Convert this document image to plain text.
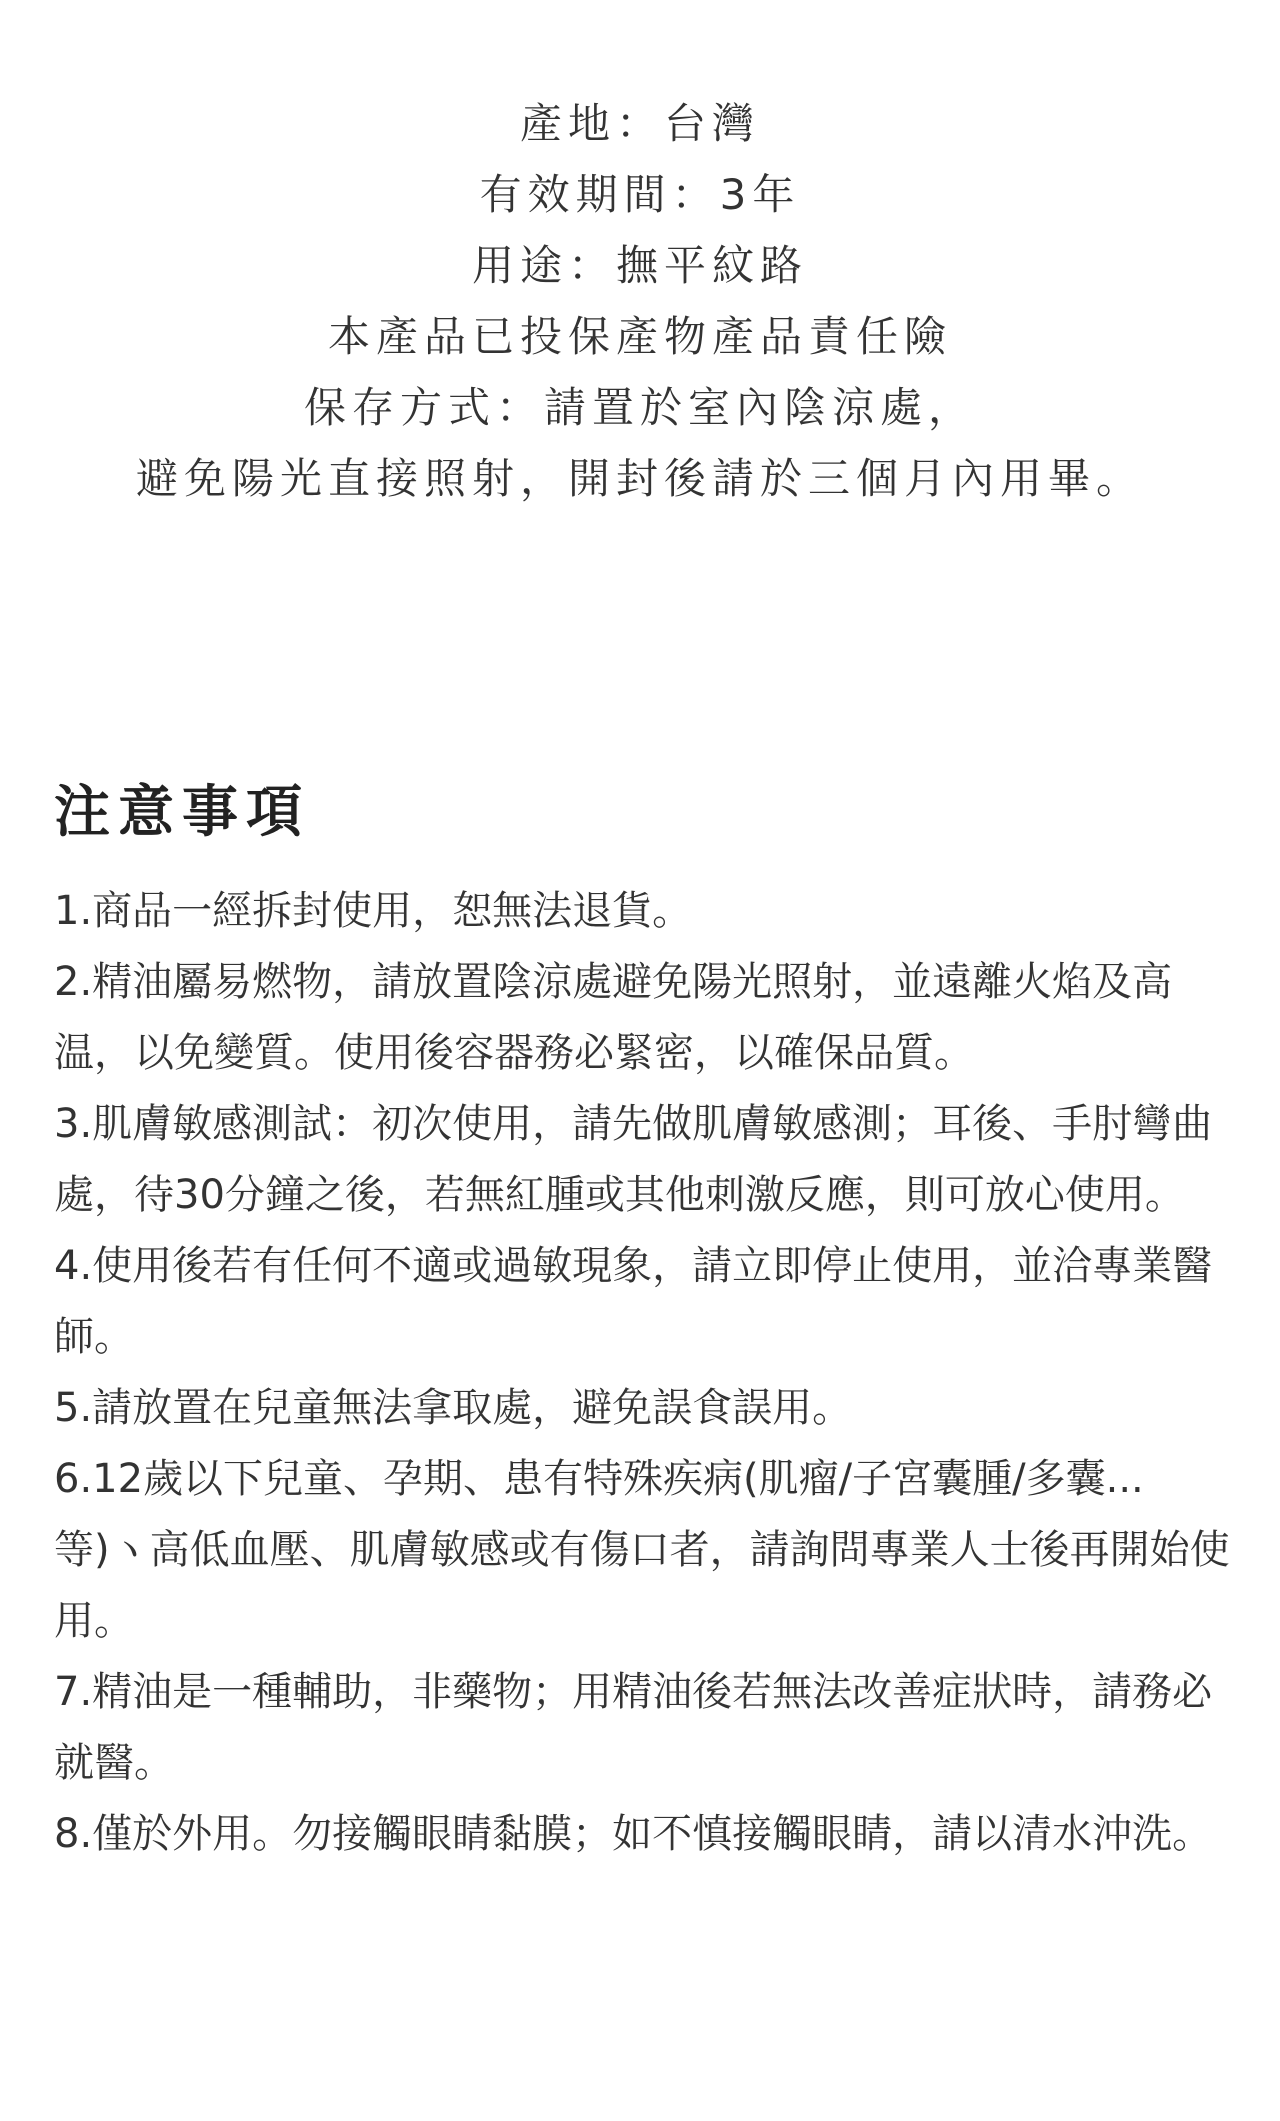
產地：台灣
有效期間：3年
用途：撫平紋路
本產品已投保產物產品責任險
保存方式：請置於室內陰涼處，
避免陽光直接照射，開封後請於三個月內用畢。
注意事項
1.商品一經拆封使用，恕無法退貨。
2.精油屬易燃物，請放置陰涼處避免陽光照射，並遠離火焰及高温，以免變質。使用後容器務必緊密，以確保品質。
3.肌膚敏感測試：初次使用，請先做肌膚敏感測；耳後、手肘彎曲處，待30分鐘之後，若無紅腫或其他刺激反應，則可放心使用。
4.使用後若有任何不適或過敏現象，請立即停止使用，並洽專業醫師。
5.請放置在兒童無法拿取處，避免誤食誤用。
6.12歲以下兒童、孕期、患有特殊疾病(肌瘤/子宮囊腫/多囊...等)ヽ高低血壓、肌膚敏感或有傷口者，請詢問專業人士後再開始使用。
7.精油是一種輔助，非藥物；用精油後若無法改善症狀時，請務必就醫。
8.僅於外用。勿接觸眼睛黏膜；如不慎接觸眼睛，請以清水沖洗。
